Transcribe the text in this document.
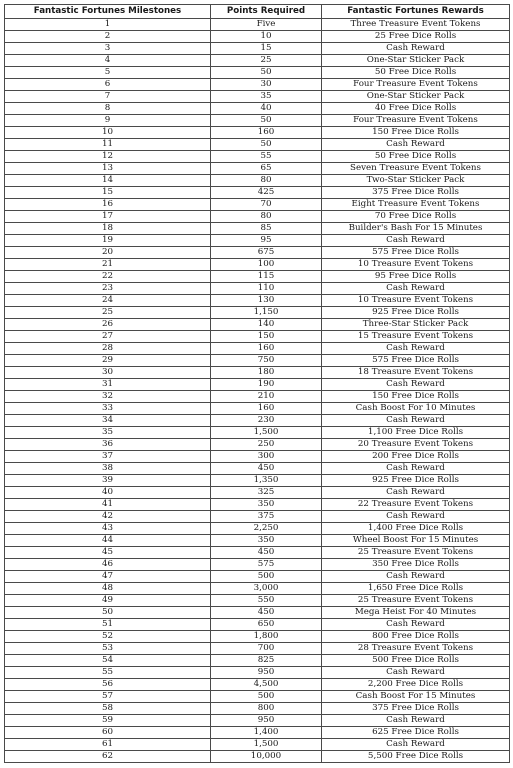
Fantastic Fortunes Milestones	Points Required	Fantastic Fortunes Rewards
1	Five	Three Treasure Event Tokens
2	10	25 Free Dice Rolls
3	15	Cash Reward
4	25	One-Star Sticker Pack
5	50	50 Free Dice Rolls
6	30	Four Treasure Event Tokens
7	35	One-Star Sticker Pack
8	40	40 Free Dice Rolls
9	50	Four Treasure Event Tokens
10	160	150 Free Dice Rolls
11	50	Cash Reward
12	55	50 Free Dice Rolls
13	65	Seven Treasure Event Tokens
14	80	Two-Star Sticker Pack
15	425	375 Free Dice Rolls
16	70	Eight Treasure Event Tokens
17	80	70 Free Dice Rolls
18	85	Builder's Bash For 15 Minutes
19	95	Cash Reward
20	675	575 Free Dice Rolls
21	100	10 Treasure Event Tokens
22	115	95 Free Dice Rolls
23	110	Cash Reward
24	130	10 Treasure Event Tokens
25	1,150	925 Free Dice Rolls
26	140	Three-Star Sticker Pack
27	150	15 Treasure Event Tokens
28	160	Cash Reward
29	750	575 Free Dice Rolls
30	180	18 Treasure Event Tokens
31	190	Cash Reward
32	210	150 Free Dice Rolls
33	160	Cash Boost For 10 Minutes
34	230	Cash Reward
35	1,500	1,100 Free Dice Rolls
36	250	20 Treasure Event Tokens
37	300	200 Free Dice Rolls
38	450	Cash Reward
39	1,350	925 Free Dice Rolls
40	325	Cash Reward
41	350	22 Treasure Event Tokens
42	375	Cash Reward
43	2,250	1,400 Free Dice Rolls
44	350	Wheel Boost For 15 Minutes
45	450	25 Treasure Event Tokens
46	575	350 Free Dice Rolls
47	500	Cash Reward
48	3,000	1,650 Free Dice Rolls
49	550	25 Treasure Event Tokens
50	450	Mega Heist For 40 Minutes
51	650	Cash Reward
52	1,800	800 Free Dice Rolls
53	700	28 Treasure Event Tokens
54	825	500 Free Dice Rolls
55	950	Cash Reward
56	4,500	2,200 Free Dice Rolls
57	500	Cash Boost For 15 Minutes
58	800	375 Free Dice Rolls
59	950	Cash Reward
60	1,400	625 Free Dice Rolls
61	1,500	Cash Reward
62	10,000	5,500 Free Dice Rolls
